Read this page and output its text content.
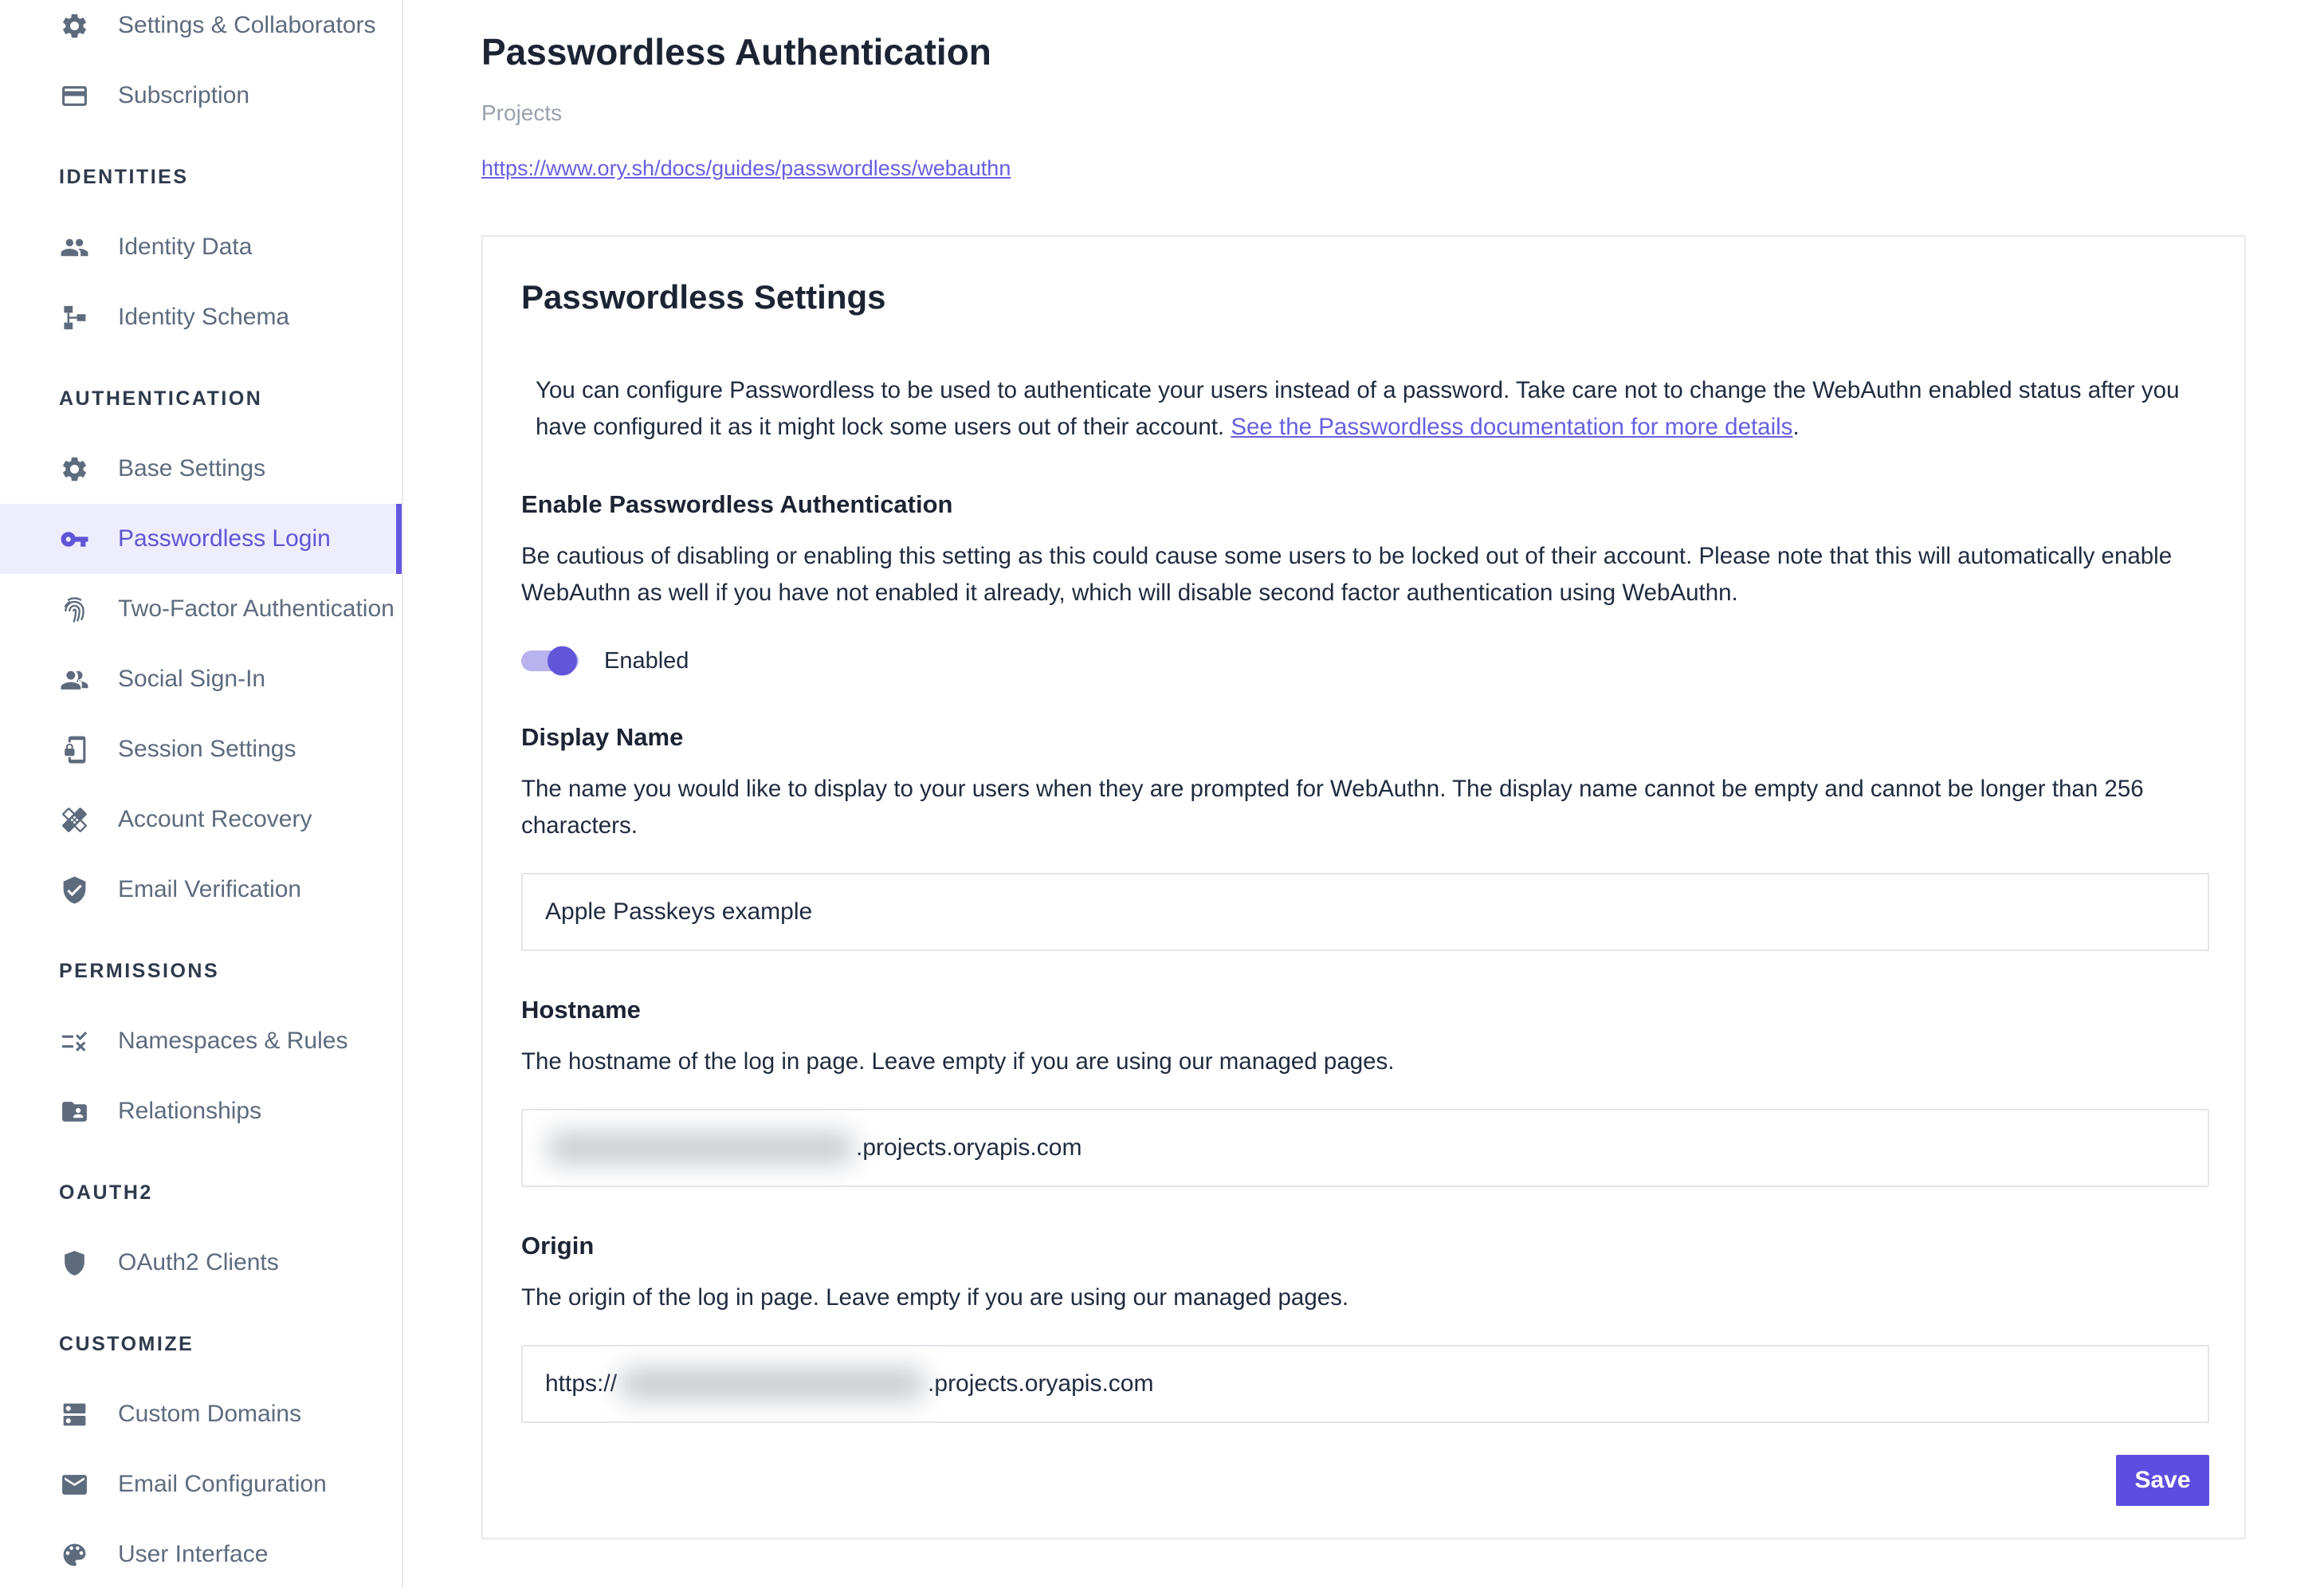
Settings & Collaborators
Subscription
IDENTITIES
Identity Data
Identity Schema
AUTHENTICATION
Base Settings
Passwordless Login
Two-Factor Authentication
Social Sign-In
Session Settings
Account Recovery
Email Verification
PERMISSIONS
Namespaces & Rules
Relationships
OAUTH2
OAuth2 Clients
CUSTOMIZE
Custom Domains
Email Configuration
User Interface
Passwordless Authentication
Projects
https://www.ory.sh/docs/guides/passwordless/webauthn
Passwordless Settings

You can configure Passwordless to be used to authenticate your users instead of a password. Take care not to change the WebAuthn enabled status after you have configured it as it might lock some users out of their account. See the Passwordless documentation for more details.

Enable Passwordless Authentication

Be cautious of disabling or enabling this setting as this could cause some users to be locked out of their account. Please note that this will automatically enable WebAuthn as well if you have not enabled it already, which will disable second factor authentication using WebAuthn.

Enabled
Display Name

The name you would like to display to your users when they are prompted for WebAuthn. The display name cannot be empty and cannot be longer than 256 characters.

Apple Passkeys example
Hostname

The hostname of the log in page. Leave empty if you are using our managed pages.

.projects.oryapis.com
Origin

The origin of the log in page. Leave empty if you are using our managed pages.

https://	.projects.oryapis.com
Save
